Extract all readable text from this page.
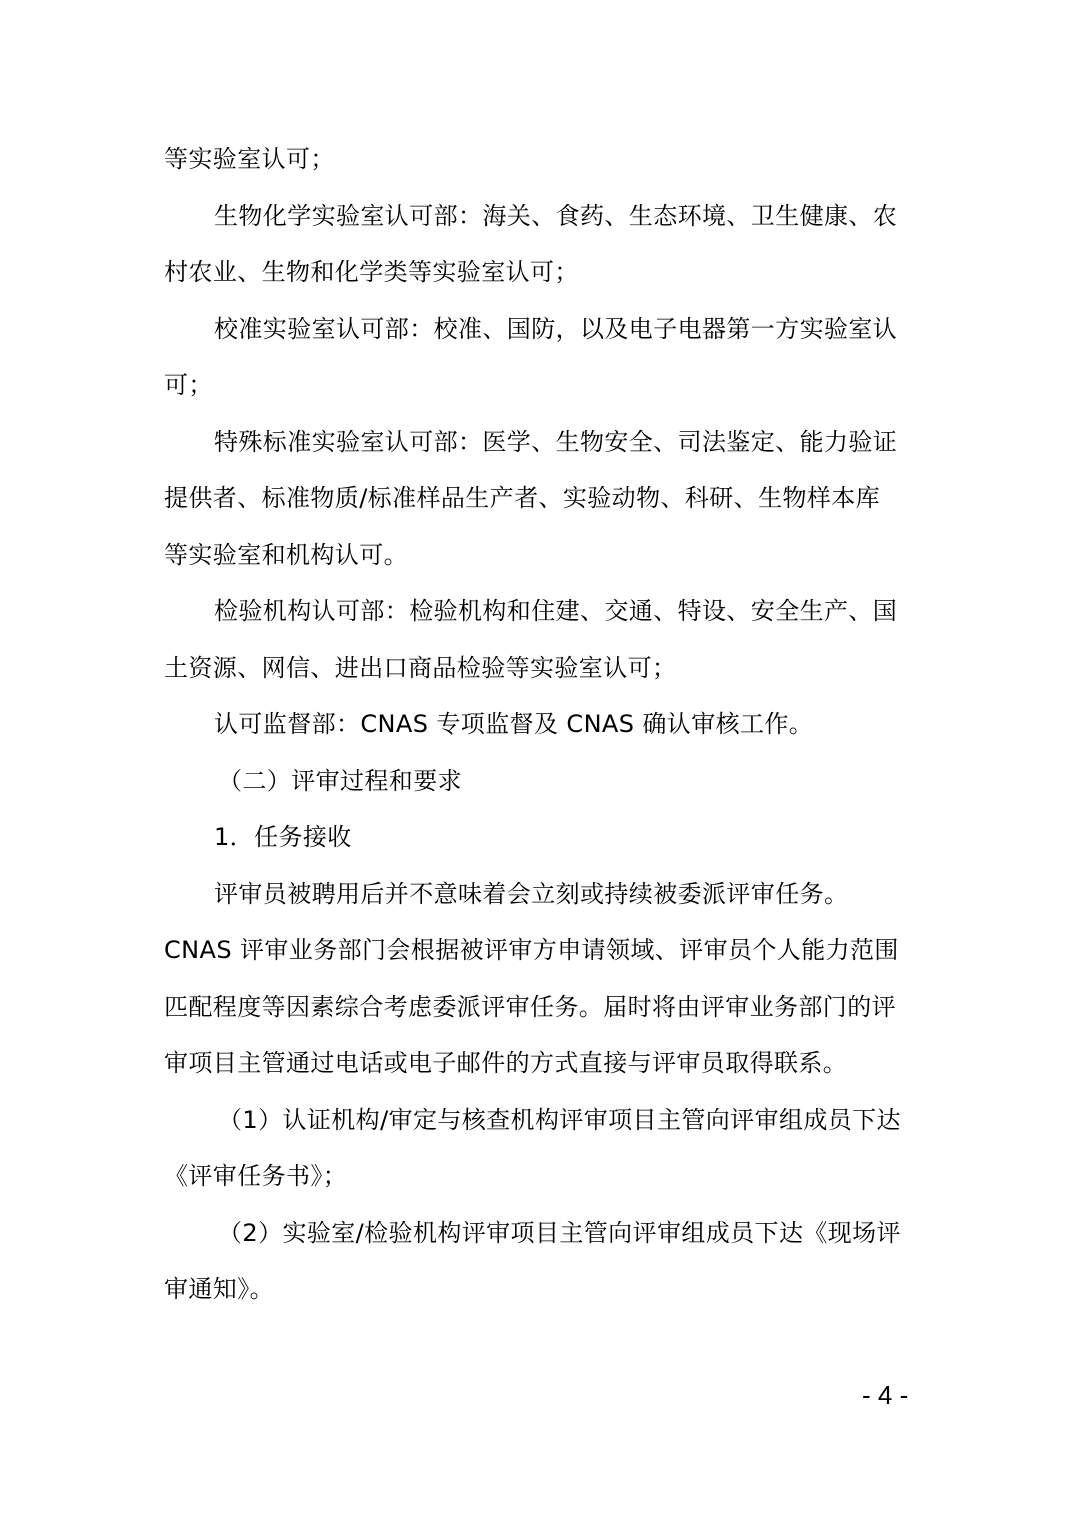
等实验室认可；
生物化学实验室认可部：海关、食药、生态环境、卫生健康、农
村农业、生物和化学类等实验室认可；
校准实验室认可部：校准、国防，以及电子电器第一方实验室认
可；
特殊标准实验室认可部：医学、生物安全、司法鉴定、能力验证
提供者、标准物质/标准样品生产者、实验动物、科研、生物样本库
等实验室和机构认可。
检验机构认可部：检验机构和住建、交通、特设、安全生产、国
土资源、网信、进出口商品检验等实验室认可；
认可监督部：CNAS 专项监督及 CNAS 确认审核工作。
（二）评审过程和要求
1．任务接收
评审员被聘用后并不意味着会立刻或持续被委派评审任务。
CNAS 评审业务部门会根据被评审方申请领域、评审员个人能力范围
匹配程度等因素综合考虑委派评审任务。届时将由评审业务部门的评
审项目主管通过电话或电子邮件的方式直接与评审员取得联系。
（1）认证机构/审定与核查机构评审项目主管向评审组成员下达
《评审任务书》；
（2）实验室/检验机构评审项目主管向评审组成员下达《现场评
审通知》。
- 4 -
